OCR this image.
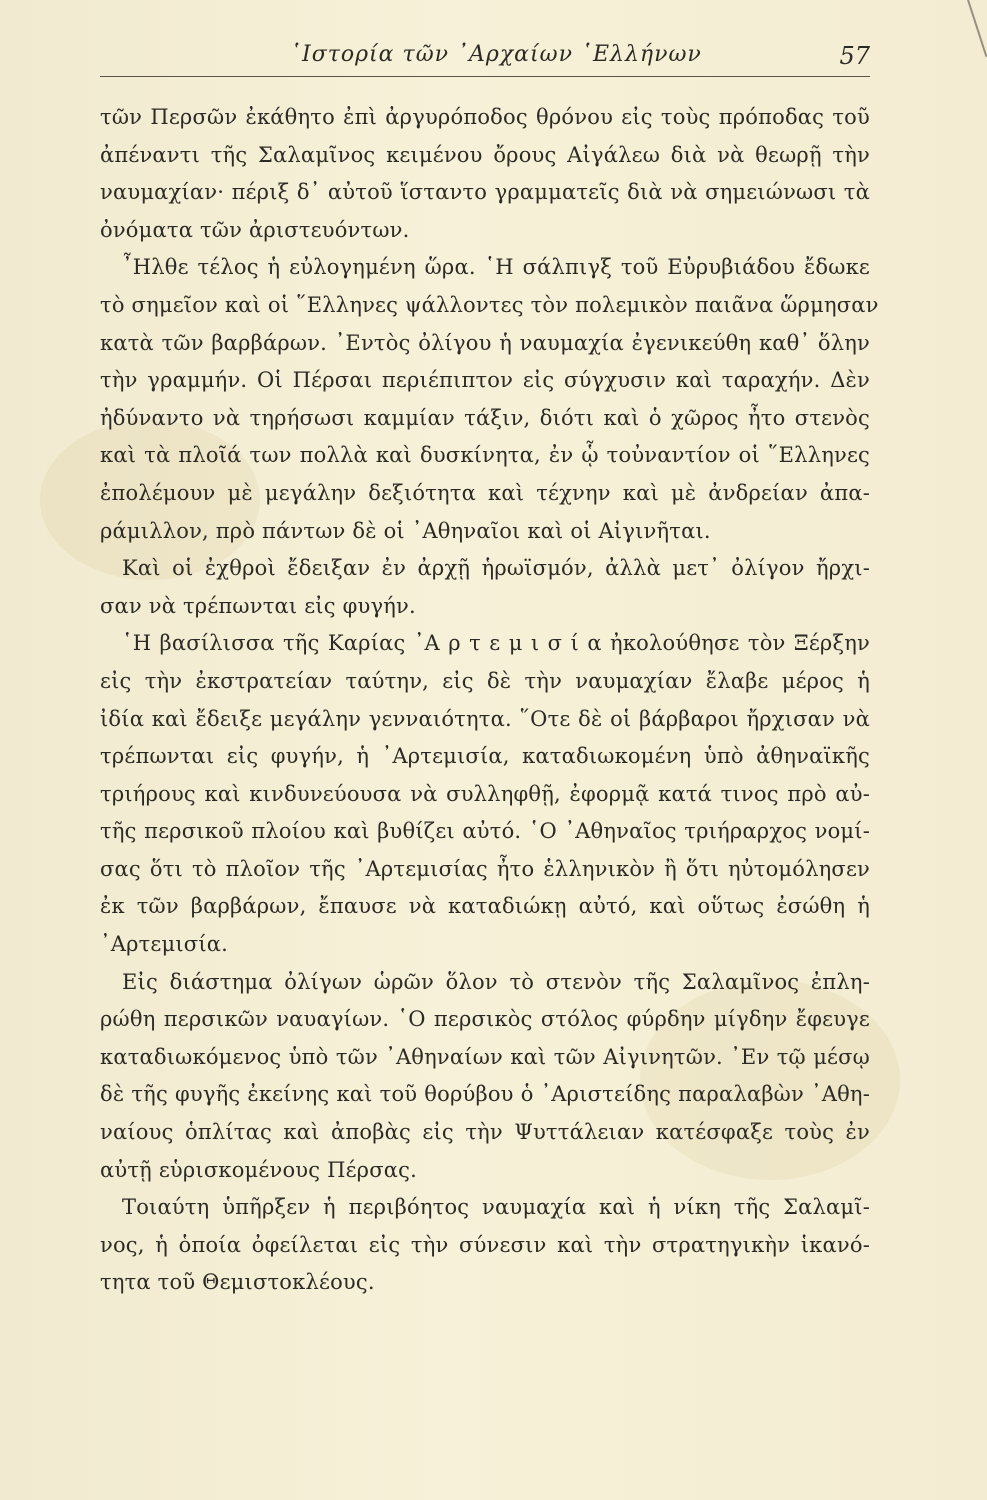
῾Ιστορία τῶν ᾽Αρχαίων ῾Ελλήνων	57
τῶν Περσῶν ἐκάθητο ἐπὶ ἀργυρόποδος θρόνου εἰς τοὺς πρόποδας τοῦ
ἀπέναντι τῆς Σαλαμῖνος κειμένου ὄρους Αἰγάλεω διὰ νὰ θεωρῇ τὴν
ναυμαχίαν· πέριξ δ᾽ αὐτοῦ ἵσταντο γραμματεῖς διὰ νὰ σημειώνωσι τὰ
ὀνόματα τῶν ἀριστευόντων.
῏Ηλθε τέλος ἡ εὐλογημένη ὥρα. ῾Η σάλπιγξ τοῦ Εὐρυβιάδου ἔδωκε
τὸ σημεῖον καὶ οἱ ῞Ελληνες ψάλλοντες τὸν πολεμικὸν παιᾶνα ὥρμησαν
κατὰ τῶν βαρβάρων. ᾽Εντὸς ὀλίγου ἡ ναυμαχία ἐγενικεύθη καθ᾽ ὅλην
τὴν γραμμήν. Οἱ Πέρσαι περιέπιπτον εἰς σύγχυσιν καὶ ταραχήν. Δὲν
ἠδύναντο νὰ τηρήσωσι καμμίαν τάξιν, διότι καὶ ὁ χῶρος ἦτο στενὸς
καὶ τὰ πλοῖά των πολλὰ καὶ δυσκίνητα, ἐν ᾧ τοὐναντίον οἱ ῞Ελληνες
ἐπολέμουν μὲ μεγάλην δεξιότητα καὶ τέχνην καὶ μὲ ἀνδρείαν ἀπα-
ράμιλλον, πρὸ πάντων δὲ οἱ ᾽Αθηναῖοι καὶ οἱ Αἰγινῆται.
Καὶ οἱ ἐχθροὶ ἔδειξαν ἐν ἀρχῇ ἡρωϊσμόν, ἀλλὰ μετ᾽ ὀλίγον ἤρχι-
σαν νὰ τρέπωνται εἰς φυγήν.
῾Η βασίλισσα τῆς Καρίας ᾽Α ρ τ ε μ ι σ ί α ἠκολούθησε τὸν Ξέρξην
εἰς τὴν ἐκστρατείαν ταύτην, εἰς δὲ τὴν ναυμαχίαν ἔλαβε μέρος ἡ
ἰδία καὶ ἔδειξε μεγάλην γενναιότητα. ῞Οτε δὲ οἱ βάρβαροι ἤρχισαν νὰ
τρέπωνται εἰς φυγήν, ἡ ᾽Αρτεμισία, καταδιωκομένη ὑπὸ ἀθηναϊκῆς
τριήρους καὶ κινδυνεύουσα νὰ συλληφθῇ, ἐφορμᾷ κατά τινος πρὸ αὐ-
τῆς περσικοῦ πλοίου καὶ βυθίζει αὐτό. ῾Ο ᾽Αθηναῖος τριήραρχος νομί-
σας ὅτι τὸ πλοῖον τῆς ᾽Αρτεμισίας ἦτο ἑλληνικὸν ἢ ὅτι ηὐτομόλησεν
ἐκ τῶν βαρβάρων, ἔπαυσε νὰ καταδιώκῃ αὐτό, καὶ οὕτως ἐσώθη ἡ
᾽Αρτεμισία.
Εἰς διάστημα ὀλίγων ὡρῶν ὅλον τὸ στενὸν τῆς Σαλαμῖνος ἐπλη-
ρώθη περσικῶν ναυαγίων. ῾Ο περσικὸς στόλος φύρδην μίγδην ἔφευγε
καταδιωκόμενος ὑπὸ τῶν ᾽Αθηναίων καὶ τῶν Αἰγινητῶν. ᾽Εν τῷ μέσῳ
δὲ τῆς φυγῆς ἐκείνης καὶ τοῦ θορύβου ὁ ᾽Αριστείδης παραλαβὼν ᾽Αθη-
ναίους ὁπλίτας καὶ ἀποβὰς εἰς τὴν Ψυττάλειαν κατέσφαξε τοὺς ἐν
αὐτῇ εὑρισκομένους Πέρσας.
Τοιαύτη ὑπῆρξεν ἡ περιβόητος ναυμαχία καὶ ἡ νίκη τῆς Σαλαμῖ-
νος, ἡ ὁποία ὀφείλεται εἰς τὴν σύνεσιν καὶ τὴν στρατηγικὴν ἱκανό-
τητα τοῦ Θεμιστοκλέους.
